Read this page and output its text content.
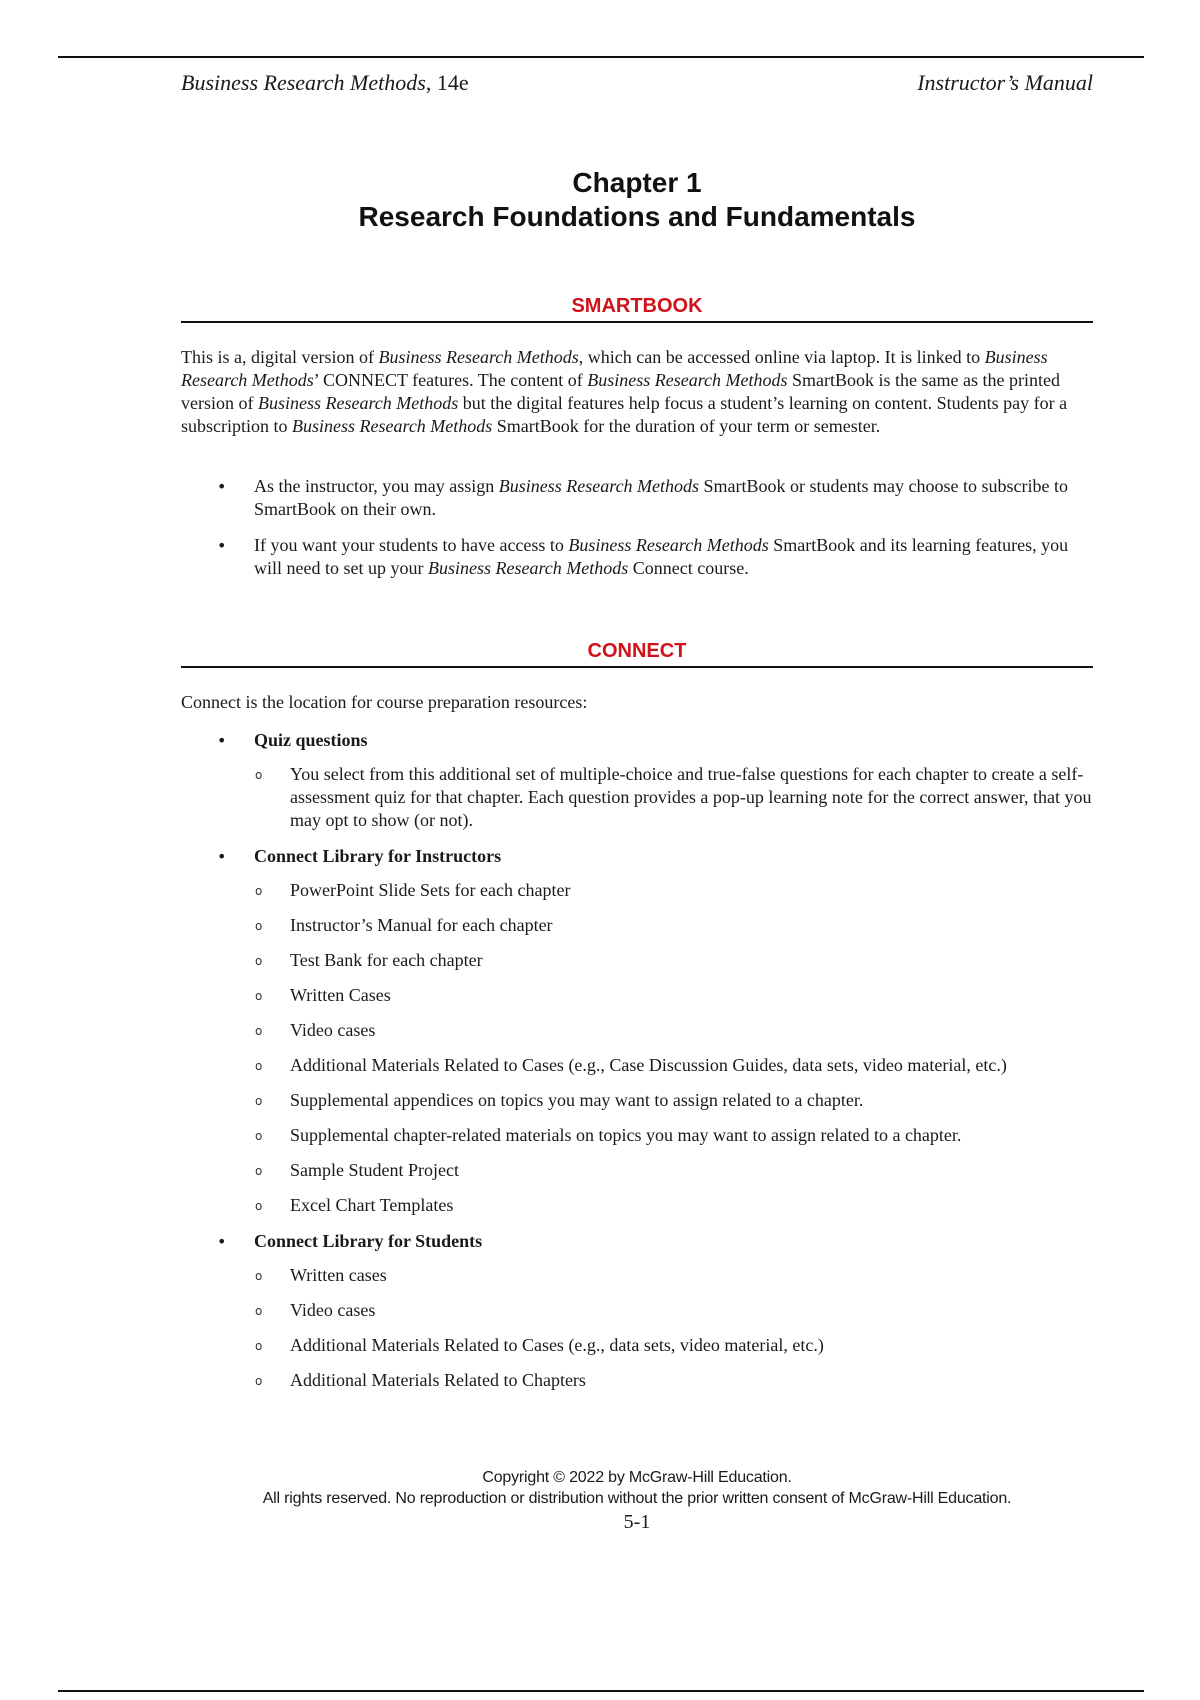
Business Research Methods, 14e	Instructor’s Manual
Chapter 1
Research Foundations and Fundamentals
SMARTBOOK
This is a, digital version of Business Research Methods, which can be accessed online via laptop. It is linked to Business Research Methods’ CONNECT features. The content of Business Research Methods SmartBook is the same as the printed version of Business Research Methods but the digital features help focus a student’s learning on content. Students pay for a subscription to Business Research Methods SmartBook for the duration of your term or semester.
• As the instructor, you may assign Business Research Methods SmartBook or students may choose to subscribe to SmartBook on their own.
• If you want your students to have access to Business Research Methods SmartBook and its learning features, you will need to set up your Business Research Methods Connect course.
CONNECT
Connect is the location for course preparation resources:
• Quiz questions
o You select from this additional set of multiple-choice and true-false questions for each chapter to create a self-assessment quiz for that chapter. Each question provides a pop-up learning note for the correct answer, that you may opt to show (or not).
• Connect Library for Instructors
o PowerPoint Slide Sets for each chapter
o Instructor’s Manual for each chapter
o Test Bank for each chapter
o Written Cases
o Video cases
o Additional Materials Related to Cases (e.g., Case Discussion Guides, data sets, video material, etc.)
o Supplemental appendices on topics you may want to assign related to a chapter.
o Supplemental chapter-related materials on topics you may want to assign related to a chapter.
o Sample Student Project
o Excel Chart Templates
• Connect Library for Students
o Written cases
o Video cases
o Additional Materials Related to Cases (e.g., data sets, video material, etc.)
o Additional Materials Related to Chapters
Copyright © 2022 by McGraw-Hill Education.
All rights reserved. No reproduction or distribution without the prior written consent of McGraw-Hill Education.
5-1
